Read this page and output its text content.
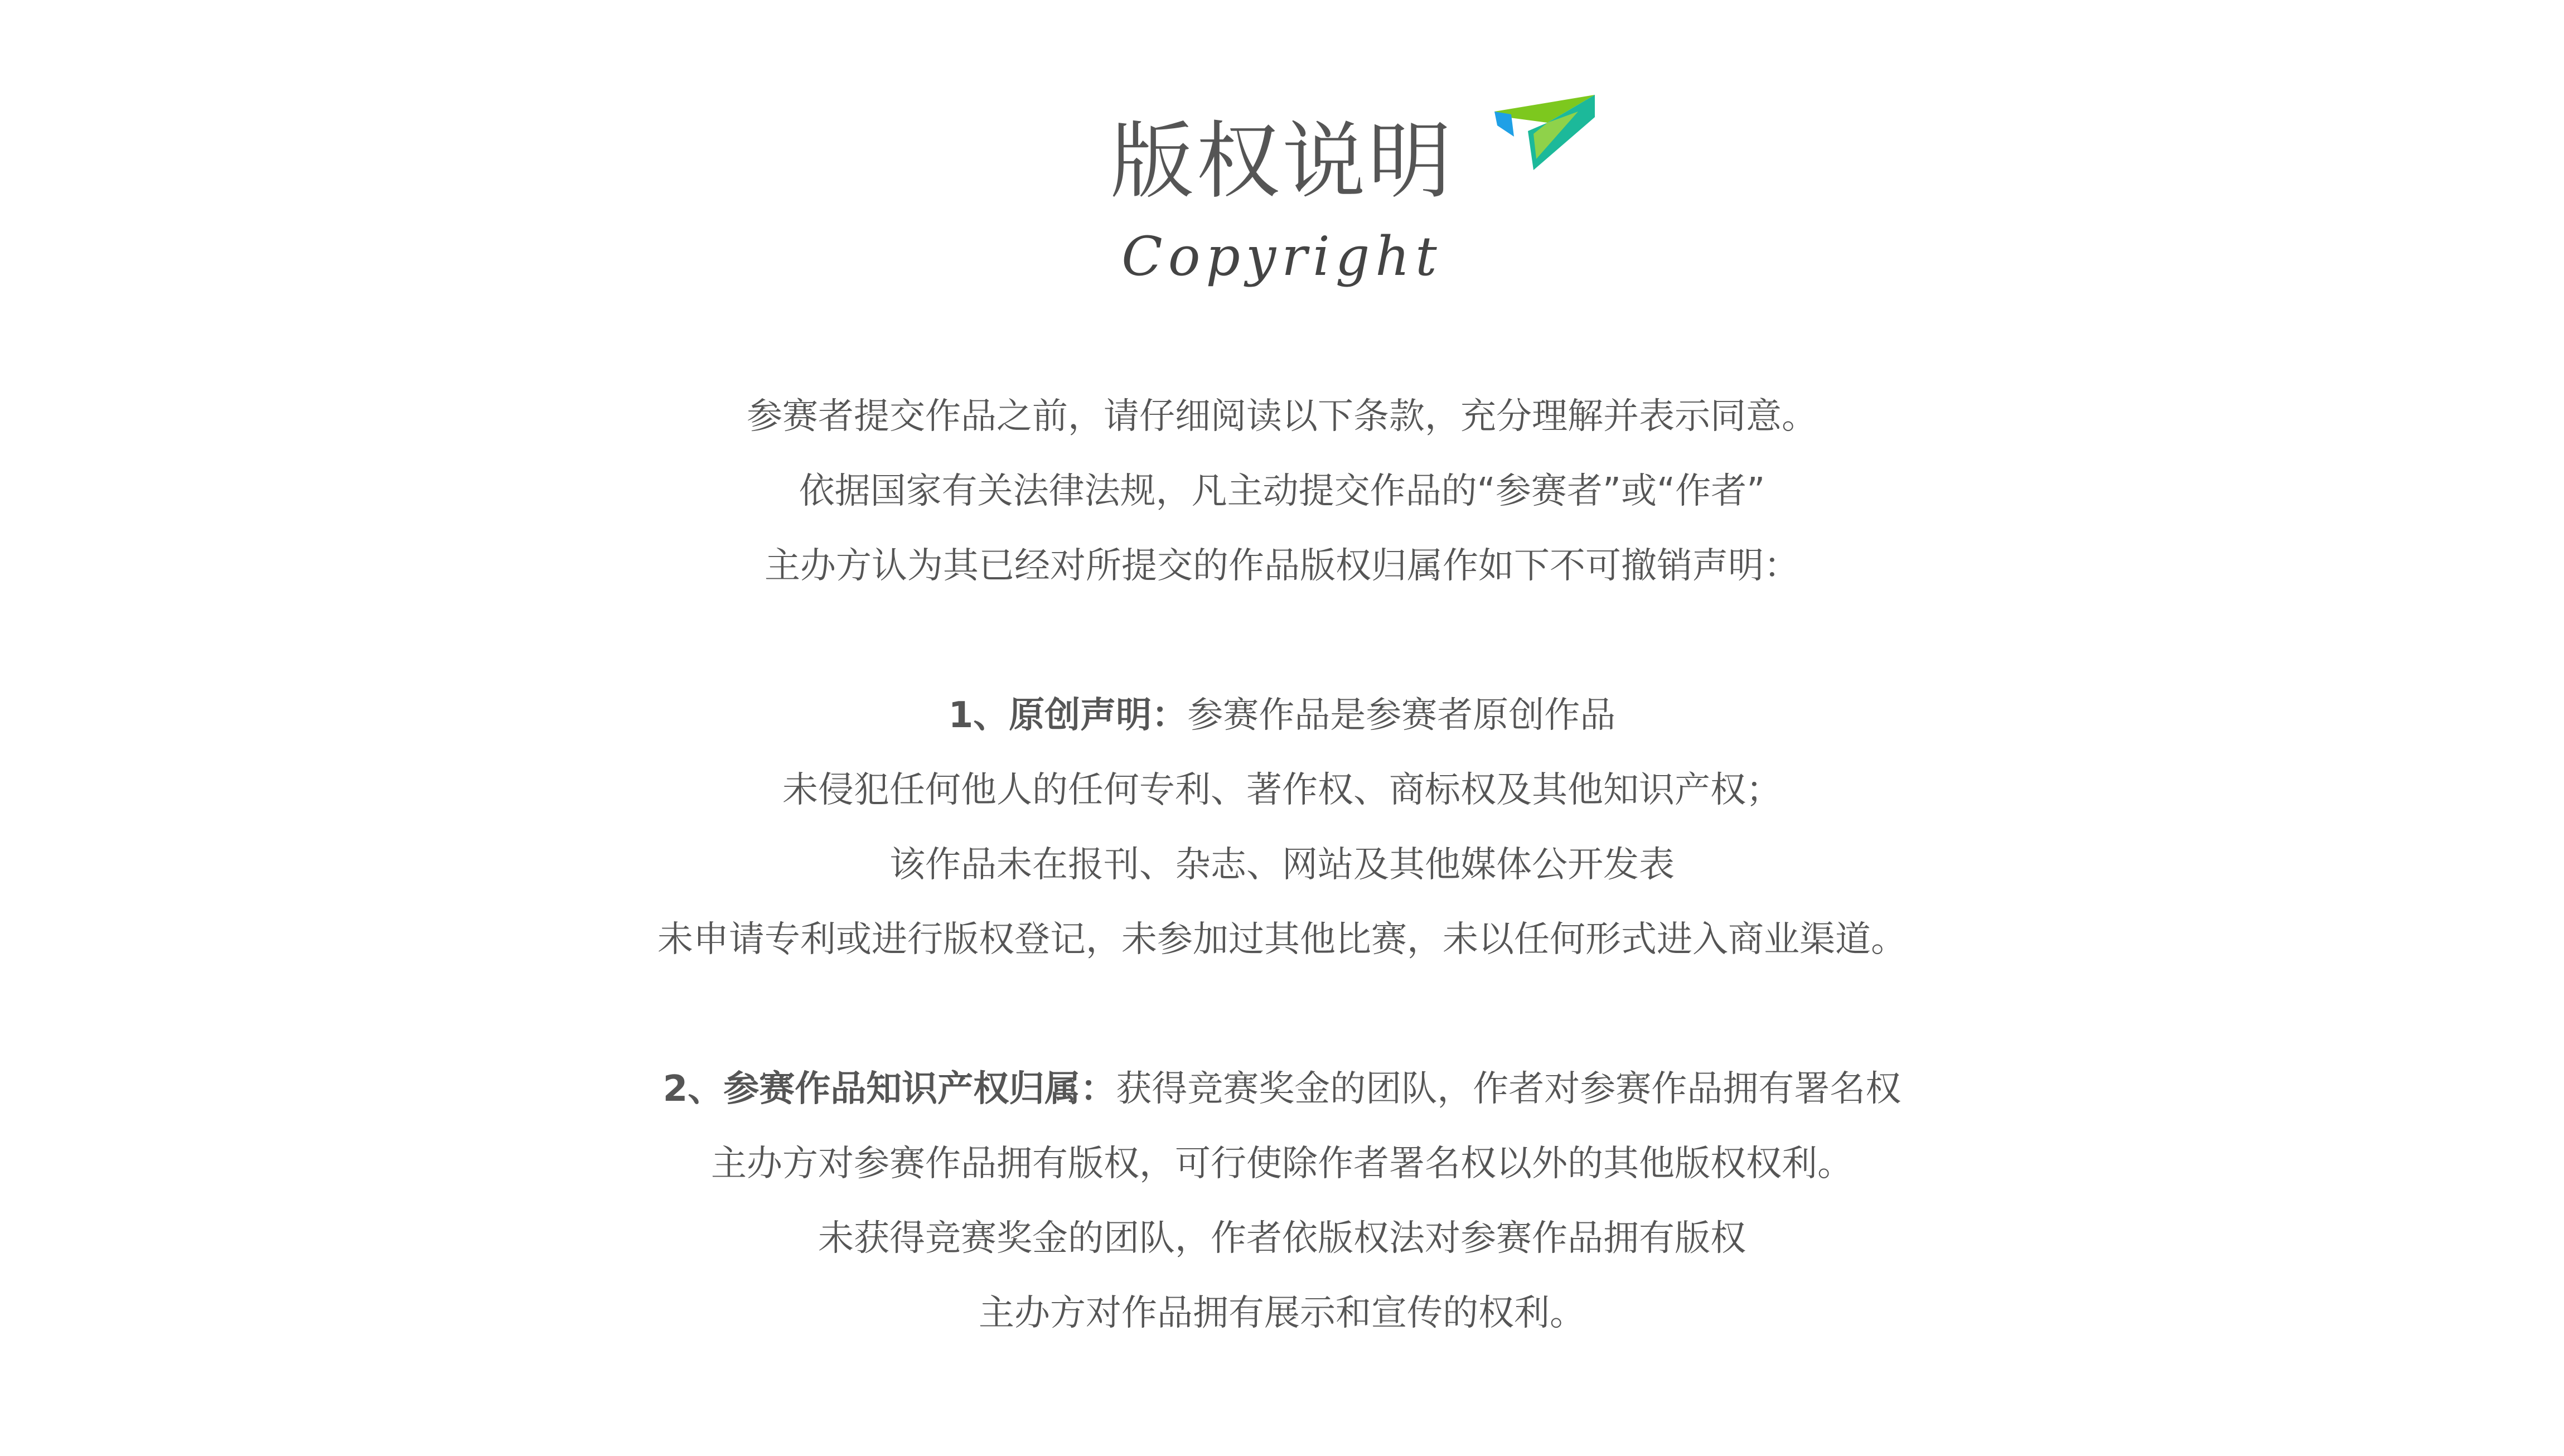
版权说明
Copyright
参赛者提交作品之前，请仔细阅读以下条款，充分理解并表示同意。
依据国家有关法律法规，凡主动提交作品的“参赛者”或“作者”
主办方认为其已经对所提交的作品版权归属作如下不可撤销声明：
1、原创声明：参赛作品是参赛者原创作品
未侵犯任何他人的任何专利、著作权、商标权及其他知识产权；
该作品未在报刊、杂志、网站及其他媒体公开发表
未申请专利或进行版权登记，未参加过其他比赛，未以任何形式进入商业渠道。
2、参赛作品知识产权归属：获得竞赛奖金的团队，作者对参赛作品拥有署名权
主办方对参赛作品拥有版权，可行使除作者署名权以外的其他版权权利。
未获得竞赛奖金的团队，作者依版权法对参赛作品拥有版权
主办方对作品拥有展示和宣传的权利。
